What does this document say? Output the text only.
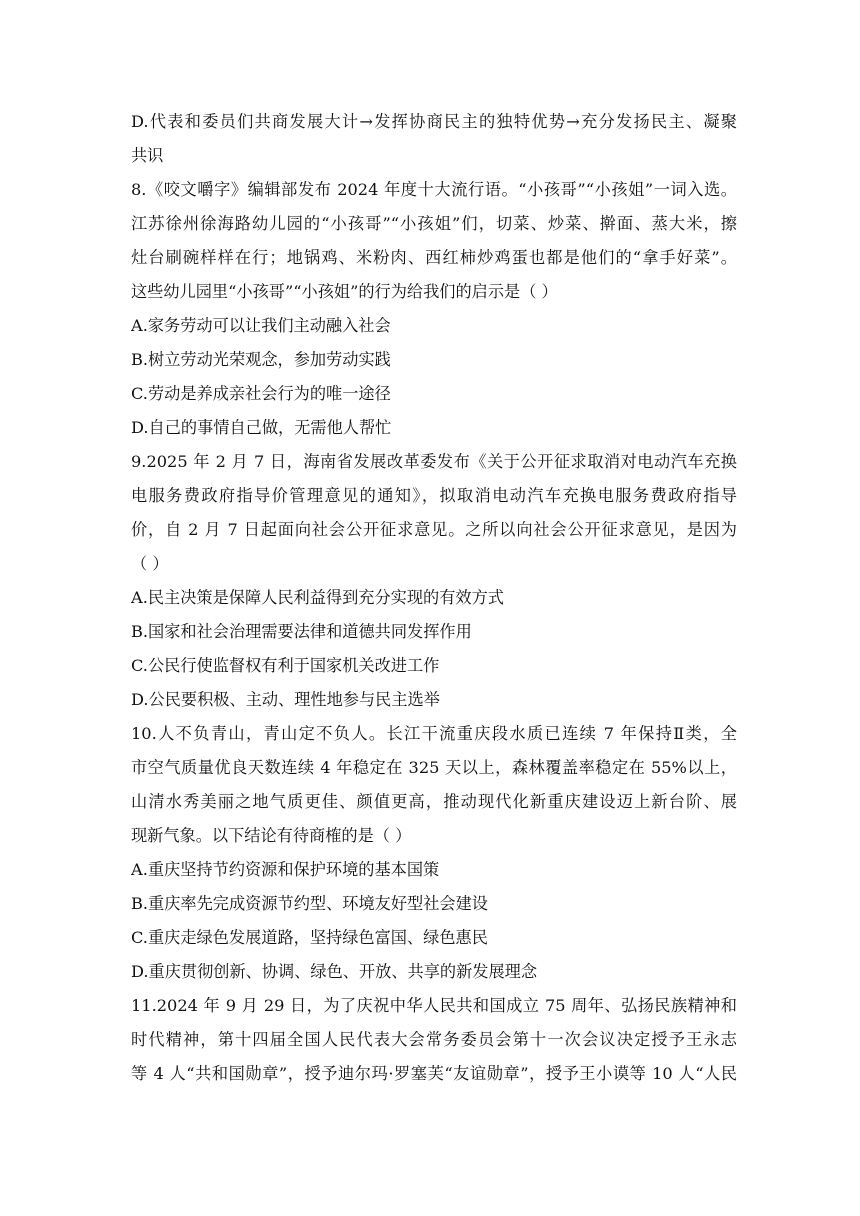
D.代表和委员们共商发展大计→发挥协商民主的独特优势→充分发扬民主、凝聚
共识
8.《咬文嚼字》编辑部发布 2024 年度十大流行语。“小孩哥”“小孩姐”一词入选。
江苏徐州徐海路幼儿园的“小孩哥”“小孩姐”们，切菜、炒菜、擀面、蒸大米，擦
灶台刷碗样样在行；地锅鸡、米粉肉、西红柿炒鸡蛋也都是他们的“拿手好菜”。
这些幼儿园里“小孩哥”“小孩姐”的行为给我们的启示是（ ）
A.家务劳动可以让我们主动融入社会
B.树立劳动光荣观念，参加劳动实践
C.劳动是养成亲社会行为的唯一途径
D.自己的事情自己做，无需他人帮忙
9.2025 年 2 月 7 日，海南省发展改革委发布《关于公开征求取消对电动汽车充换
电服务费政府指导价管理意见的通知》，拟取消电动汽车充换电服务费政府指导
价，自 2 月 7 日起面向社会公开征求意见。之所以向社会公开征求意见，是因为
（ ）
A.民主决策是保障人民利益得到充分实现的有效方式
B.国家和社会治理需要法律和道德共同发挥作用
C.公民行使监督权有利于国家机关改进工作
D.公民要积极、主动、理性地参与民主选举
10.人不负青山，青山定不负人。长江干流重庆段水质已连续 7 年保持Ⅱ类，全
市空气质量优良天数连续 4 年稳定在 325 天以上，森林覆盖率稳定在 55%以上，
山清水秀美丽之地气质更佳、颜值更高，推动现代化新重庆建设迈上新台阶、展
现新气象。以下结论有待商榷的是（ ）
A.重庆坚持节约资源和保护环境的基本国策
B.重庆率先完成资源节约型、环境友好型社会建设
C.重庆走绿色发展道路，坚持绿色富国、绿色惠民
D.重庆贯彻创新、协调、绿色、开放、共享的新发展理念
11.2024 年 9 月 29 日，为了庆祝中华人民共和国成立 75 周年、弘扬民族精神和
时代精神，第十四届全国人民代表大会常务委员会第十一次会议决定授予王永志
等 4 人“共和国勋章”，授予迪尔玛·罗塞芙“友谊勋章”，授予王小谟等 10 人“人民
